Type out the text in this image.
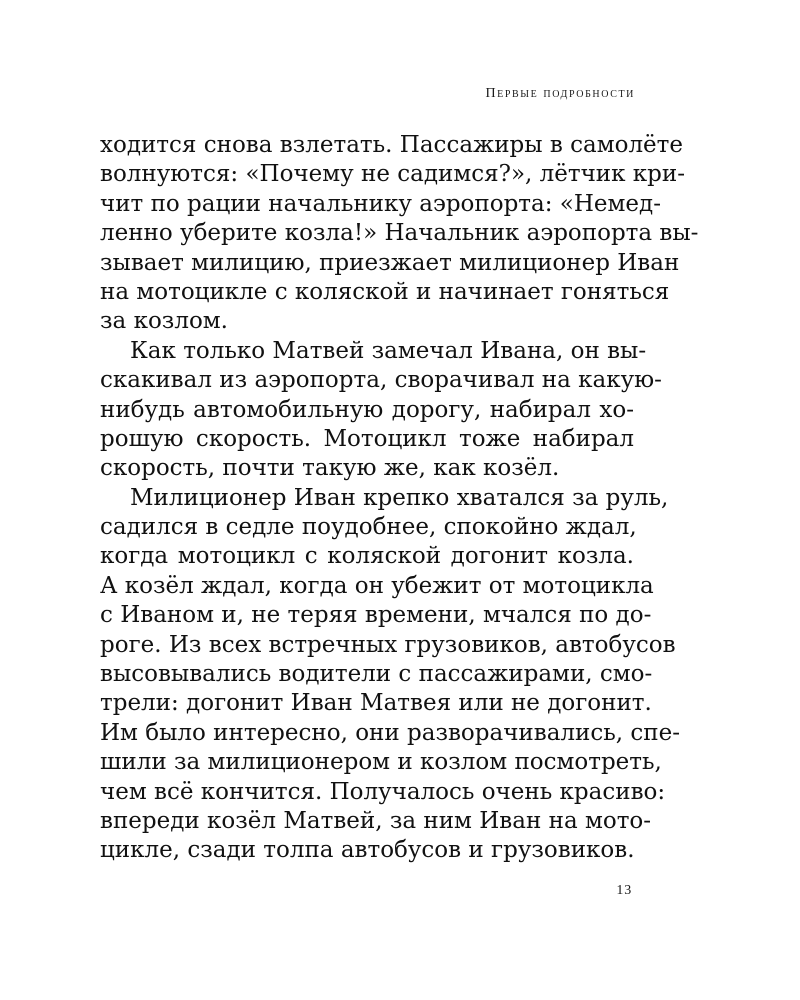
Первые подробности
ходится снова взлетать. Пассажиры в самолёте
волнуются: «Почему не садимся?», лётчик кри-
чит по рации начальнику аэропорта: «Немед-
ленно уберите козла!» Начальник аэропорта вы-
зывает милицию, приезжает милиционер Иван
на мотоцикле с коляской и начинает гоняться
за козлом.
Как только Матвей замечал Ивана, он вы-
скакивал из аэропорта, сворачивал на какую-
нибудь автомобильную дорогу, набирал хо-
рошую скорость. Мотоцикл тоже набирал
скорость, почти такую же, как козёл.
Милиционер Иван крепко хватался за руль,
садился в седле поудобнее, спокойно ждал,
когда мотоцикл с коляской догонит козла.
А козёл ждал, когда он убежит от мотоцикла
с Иваном и, не теряя времени, мчался по до-
роге. Из всех встречных грузовиков, автобусов
высовывались водители с пассажирами, смо-
трели: догонит Иван Матвея или не догонит.
Им было интересно, они разворачивались, спе-
шили за милиционером и козлом посмотреть,
чем всё кончится. Получалось очень красиво:
впереди козёл Матвей, за ним Иван на мото-
цикле, сзади толпа автобусов и грузовиков.
13
